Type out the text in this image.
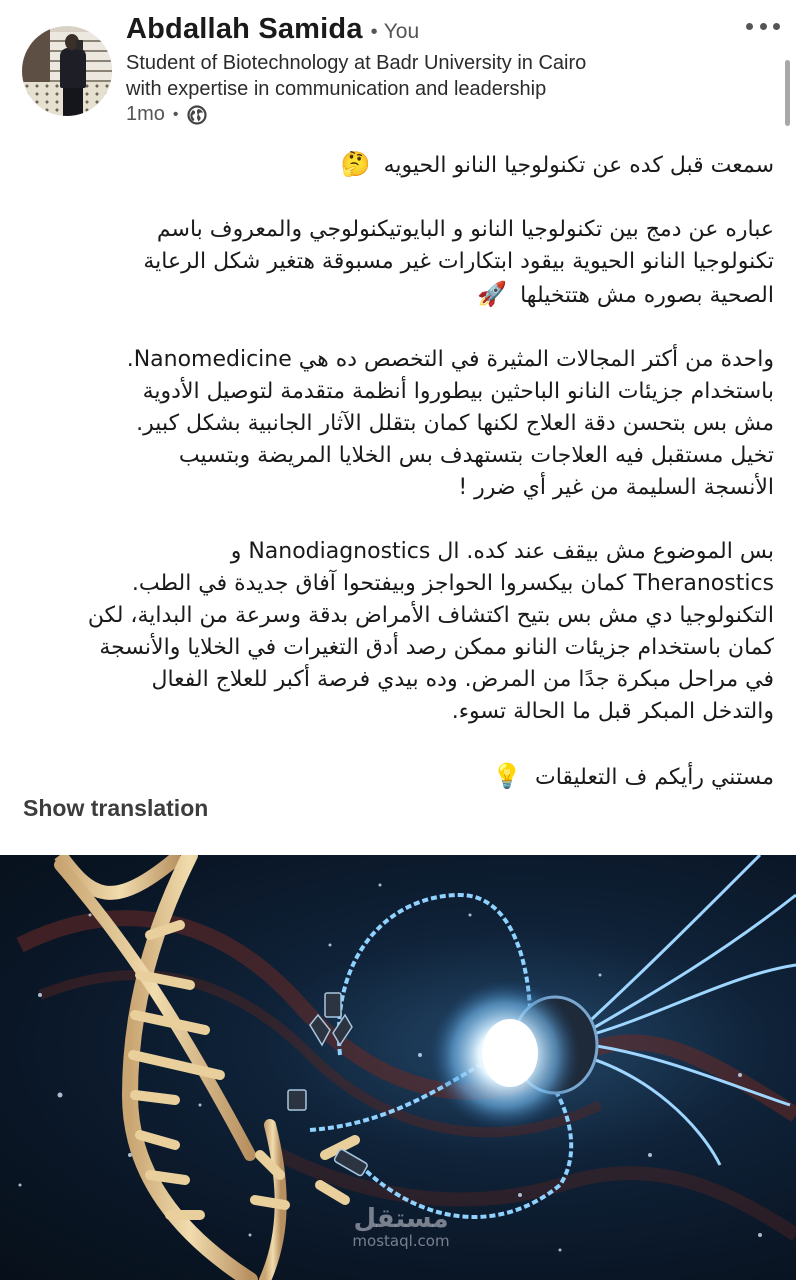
Abdallah Samida • You
Student of Biotechnology at Badr University in Cairo
with expertise in communication and leadership
1mo •

سمعت قبل كده عن تكنولوجيا النانو الحيويه 🤔

عباره عن دمج بين تكنولوجيا النانو و البايوتيكنولوجي والمعروف باسم
تكنولوجيا النانو الحيوية بيقود ابتكارات غير مسبوقة هتغير شكل الرعاية
الصحية بصوره مش هتتخيلها 🚀

واحدة من أكتر المجالات المثيرة في التخصص ده هي Nanomedicine.
باستخدام جزيئات النانو الباحثين بيطوروا أنظمة متقدمة لتوصيل الأدوية
مش بس بتحسن دقة العلاج لكنها كمان بتقلل الآثار الجانبية بشكل كبير.
تخيل مستقبل فيه العلاجات بتستهدف بس الخلايا المريضة وبتسيب
الأنسجة السليمة من غير أي ضرر !

بس الموضوع مش بيقف عند كده. ال Nanodiagnostics و
Theranostics كمان بيكسروا الحواجز وبيفتحوا آفاق جديدة في الطب.
التكنولوجيا دي مش بس بتيح اكتشاف الأمراض بدقة وسرعة من البداية، لكن
كمان باستخدام جزيئات النانو ممكن رصد أدق التغيرات في الخلايا والأنسجة
في مراحل مبكرة جدًا من المرض. وده بيدي فرصة أكبر للعلاج الفعال
والتدخل المبكر قبل ما الحالة تسوء.

مستني رأيكم ف التعليقات 💡

Show translation
مستقل
mostaql.com
